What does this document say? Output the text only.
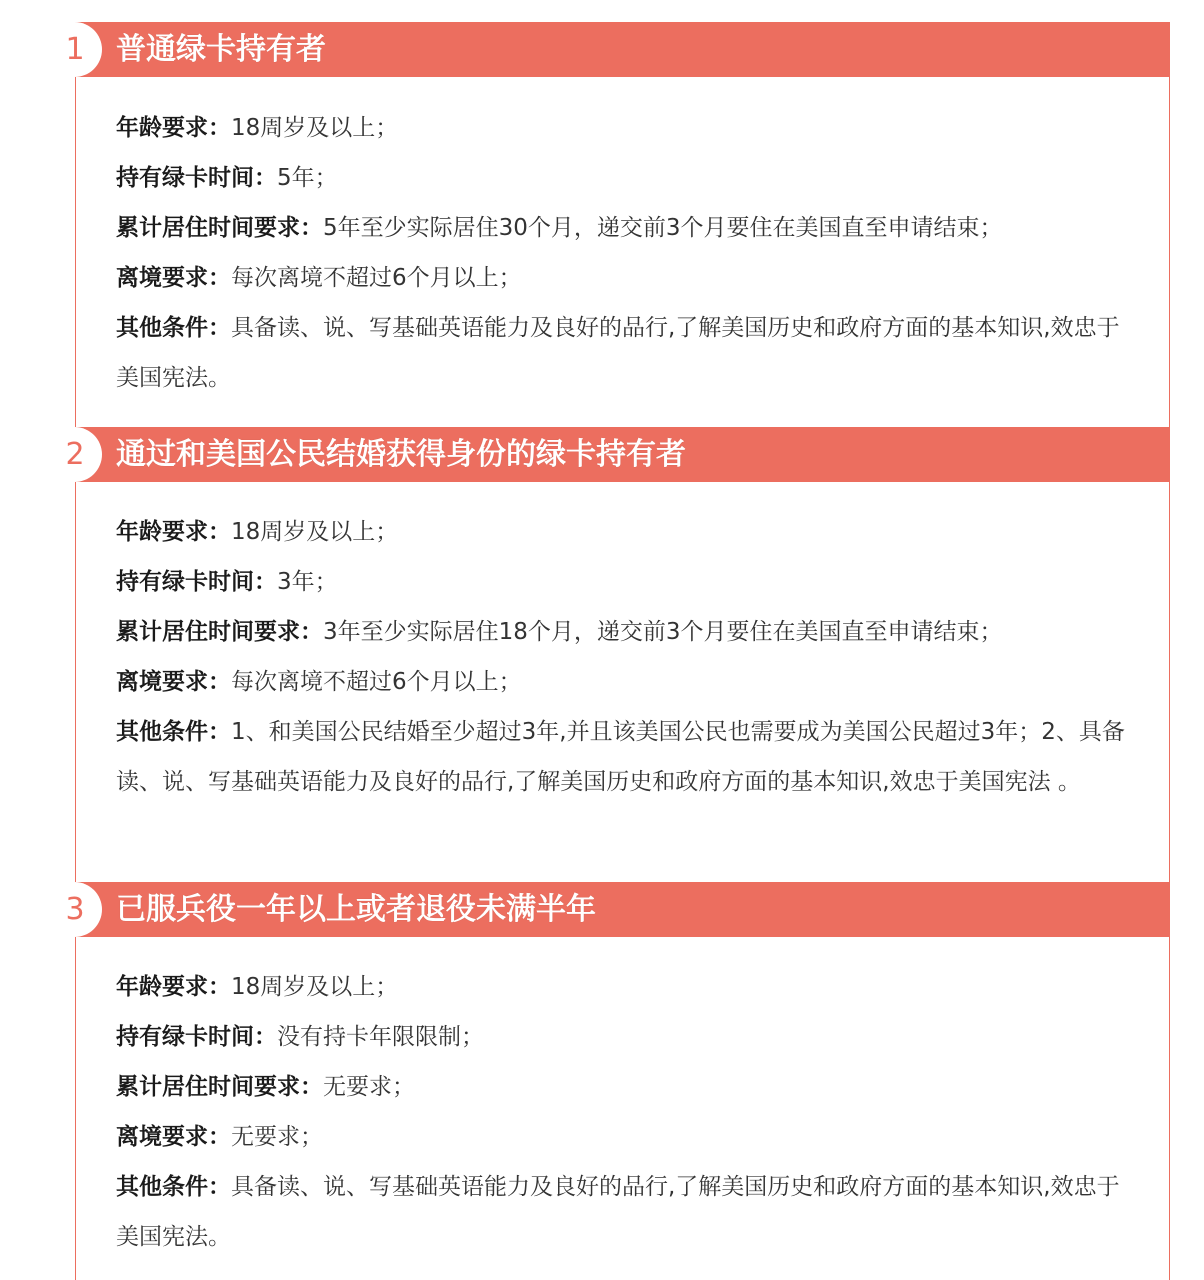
1 普通绿卡持有者
年龄要求：18周岁及以上；
持有绿卡时间：5年；
累计居住时间要求：5年至少实际居住30个月，递交前3个月要住在美国直至申请结束；
离境要求：每次离境不超过6个月以上；
其他条件：具备读、说、写基础英语能力及良好的品行,了解美国历史和政府方面的基本知识,效忠于美国宪法。
2 通过和美国公民结婚获得身份的绿卡持有者
年龄要求：18周岁及以上；
持有绿卡时间：3年；
累计居住时间要求：3年至少实际居住18个月，递交前3个月要住在美国直至申请结束；
离境要求：每次离境不超过6个月以上；
其他条件：1、和美国公民结婚至少超过3年,并且该美国公民也需要成为美国公民超过3年；2、具备读、说、写基础英语能力及良好的品行,了解美国历史和政府方面的基本知识,效忠于美国宪法 。
3 已服兵役一年以上或者退役未满半年
年龄要求：18周岁及以上；
持有绿卡时间：没有持卡年限限制；
累计居住时间要求：无要求；
离境要求：无要求；
其他条件：具备读、说、写基础英语能力及良好的品行,了解美国历史和政府方面的基本知识,效忠于美国宪法。
